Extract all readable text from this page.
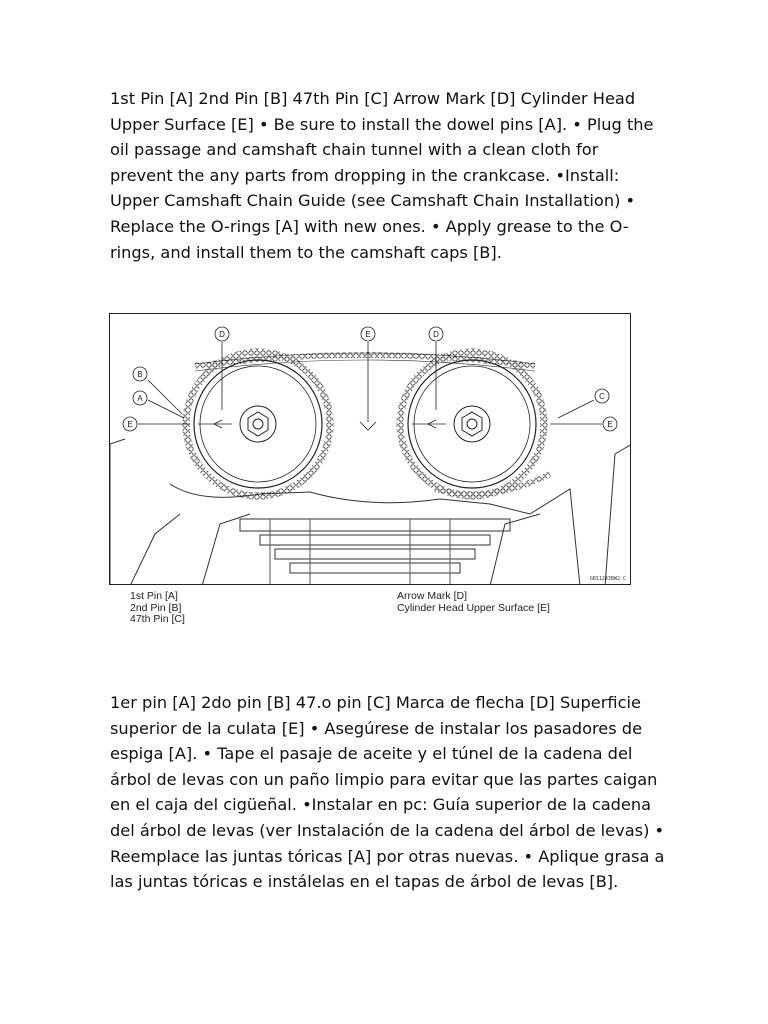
1st Pin [A] 2nd Pin [B] 47th Pin [C] Arrow Mark [D] Cylinder Head Upper Surface [E] • Be sure to install the dowel pins [A]. • Plug the oil passage and camshaft chain tunnel with a clean cloth for prevent the any parts from dropping in the crankcase. •Install: Upper Camshaft Chain Guide (see Camshaft Chain Installation) • Replace the O-rings [A] with new ones. • Apply grease to the O-rings, and install them to the camshaft caps [B].

D	E	D
B
A
E
C
E
GB11243BW2 C
1st Pin [A]
2nd Pin [B]
47th Pin [C]
Arrow Mark [D]
Cylinder Head Upper Surface [E]

1er pin [A] 2do pin [B] 47.o pin [C] Marca de flecha [D] Superficie superior de la culata [E] • Asegúrese de instalar los pasadores de espiga [A]. • Tape el pasaje de aceite y el túnel de la cadena del árbol de levas con un paño limpio para evitar que las partes caigan en el caja del cigüeñal. •Instalar en pc: Guía superior de la cadena del árbol de levas (ver Instalación de la cadena del árbol de levas) • Reemplace las juntas tóricas [A] por otras nuevas. • Aplique grasa a las juntas tóricas e instálelas en el tapas de árbol de levas [B].
